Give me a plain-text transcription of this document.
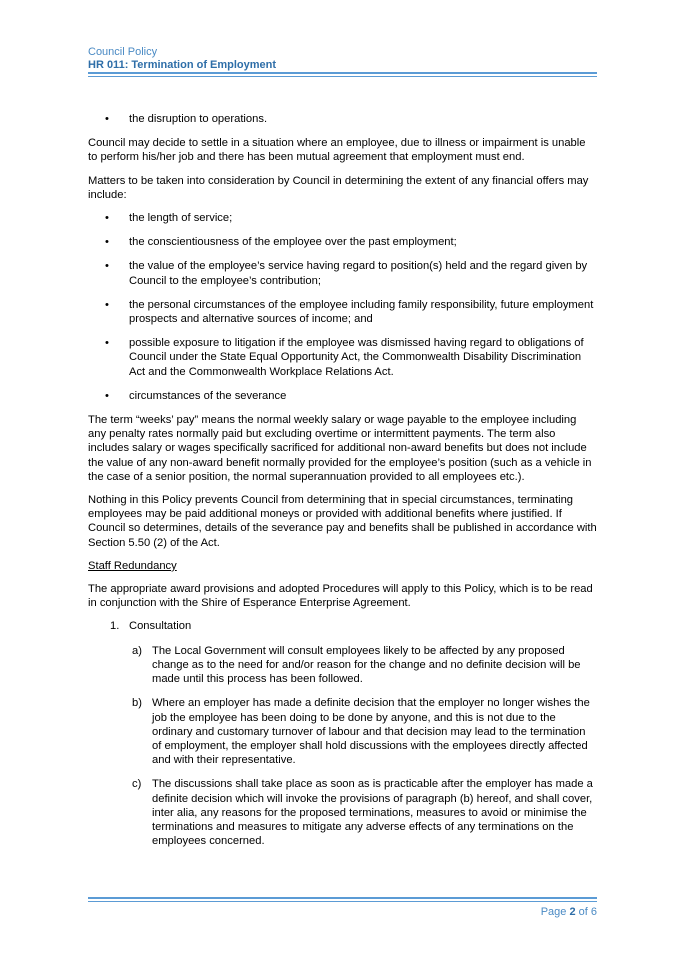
Council Policy
HR 011: Termination of Employment
• the disruption to operations.

Council may decide to settle in a situation where an employee, due to illness or impairment is unable to perform his/her job and there has been mutual agreement that employment must end.

Matters to be taken into consideration by Council in determining the extent of any financial offers may include:

• the length of service;
• the conscientiousness of the employee over the past employment;
• the value of the employee’s service having regard to position(s) held and the regard given by Council to the employee’s contribution;
• the personal circumstances of the employee including family responsibility, future employment prospects and alternative sources of income; and
• possible exposure to litigation if the employee was dismissed having regard to obligations of Council under the State Equal Opportunity Act, the Commonwealth Disability Discrimination Act and the Commonwealth Workplace Relations Act.
• circumstances of the severance

The term “weeks’ pay” means the normal weekly salary or wage payable to the employee including any penalty rates normally paid but excluding overtime or intermittent payments. The term also includes salary or wages specifically sacrificed for additional non-award benefits but does not include the value of any non-award benefit normally provided for the employee’s position (such as a vehicle in the case of a senior position, the normal superannuation provided to all employees etc.).

Nothing in this Policy prevents Council from determining that in special circumstances, terminating employees may be paid additional moneys or provided with additional benefits where justified. If Council so determines, details of the severance pay and benefits shall be published in accordance with Section 5.50 (2) of the Act.

Staff Redundancy

The appropriate award provisions and adopted Procedures will apply to this Policy, which is to be read in conjunction with the Shire of Esperance Enterprise Agreement.

1. Consultation
a) The Local Government will consult employees likely to be affected by any proposed change as to the need for and/or reason for the change and no definite decision will be made until this process has been followed.
b) Where an employer has made a definite decision that the employer no longer wishes the job the employee has been doing to be done by anyone, and this is not due to the ordinary and customary turnover of labour and that decision may lead to the termination of employment, the employer shall hold discussions with the employees directly affected and with their representative.
c) The discussions shall take place as soon as is practicable after the employer has made a definite decision which will invoke the provisions of paragraph (b) hereof, and shall cover, inter alia, any reasons for the proposed terminations, measures to avoid or minimise the terminations and measures to mitigate any adverse effects of any terminations on the employees concerned.
Page 2 of 6
